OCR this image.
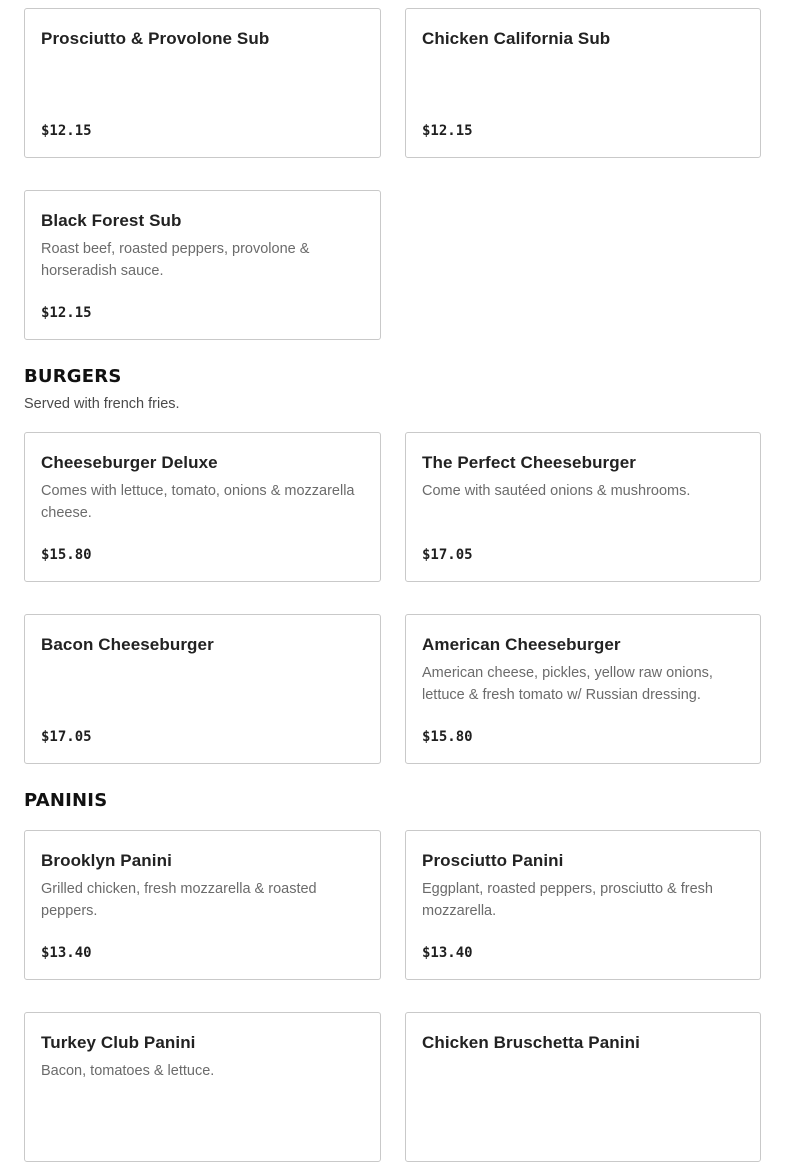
Prosciutto & Provolone Sub
$12.15
Chicken California Sub
$12.15
Black Forest Sub
Roast beef, roasted peppers, provolone & horseradish sauce.
$12.15
BURGERS
Served with french fries.
Cheeseburger Deluxe
Comes with lettuce, tomato, onions & mozzarella cheese.
$15.80
The Perfect Cheeseburger
Come with sautéed onions & mushrooms.
$17.05
Bacon Cheeseburger
$17.05
American Cheeseburger
American cheese, pickles, yellow raw onions, lettuce & fresh tomato w/ Russian dressing.
$15.80
PANINIS
Brooklyn Panini
Grilled chicken, fresh mozzarella & roasted peppers.
$13.40
Prosciutto Panini
Eggplant, roasted peppers, prosciutto & fresh mozzarella.
$13.40
Turkey Club Panini
Bacon, tomatoes & lettuce.
Chicken Bruschetta Panini
